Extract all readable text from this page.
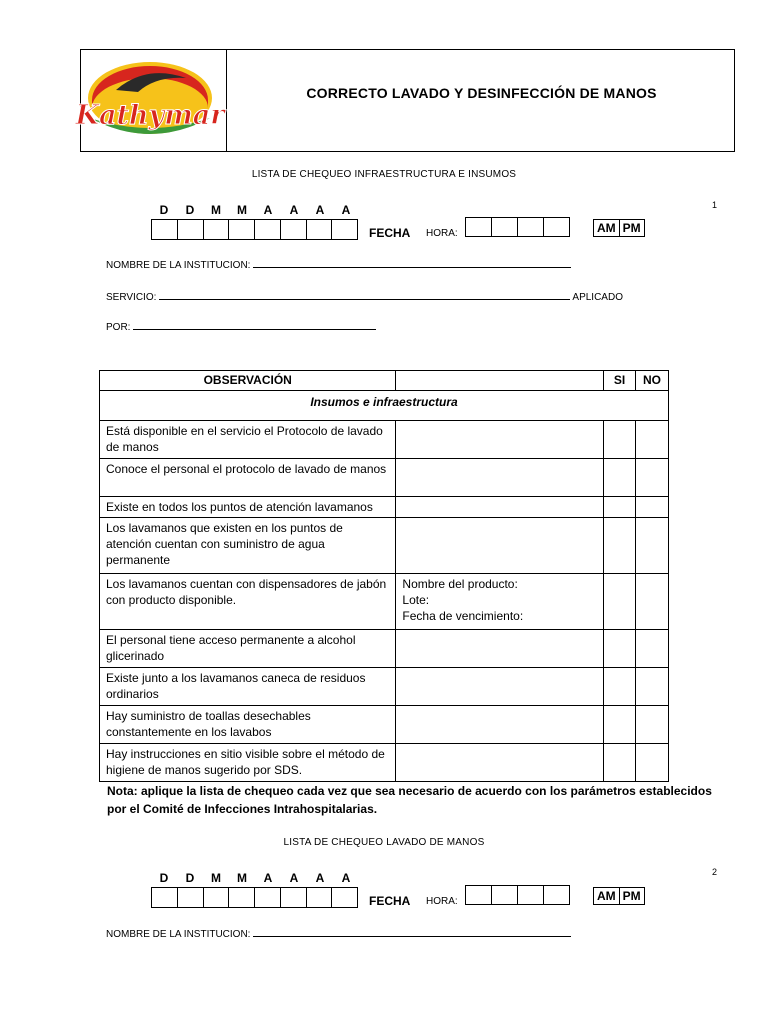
Kathymar
CORRECTO LAVADO Y DESINFECCIÓN DE MANOS
LISTA DE CHEQUEO INFRAESTRUCTURA E INSUMOS
1
D D M M A A A A
FECHA HORA:	AM PM
NOMBRE DE LA INSTITUCION:
SERVICIO:	APLICADO
POR:
OBSERVACIÓN		SI	NO
Insumos e infraestructura			
Está disponible en el servicio el Protocolo de lavado de manos			
Conoce el personal el protocolo de lavado de manos			
Existe en todos los puntos de atención lavamanos			
Los lavamanos que existen en los puntos de atención cuentan con suministro de agua permanente			
Los lavamanos cuentan con dispensadores de jabón con producto disponible.	Nombre del producto:
Lote:
Fecha de vencimiento:		
El personal tiene acceso permanente a alcohol glicerinado			
Existe junto a los lavamanos caneca de residuos ordinarios			
Hay suministro de toallas desechables constantemente en los lavabos			
Hay instrucciones en sitio visible sobre el método de higiene de manos sugerido por SDS.			
Nota: aplique la lista de chequeo cada vez que sea necesario de acuerdo con los parámetros establecidos por el Comité de Infecciones Intrahospitalarias.
LISTA DE CHEQUEO LAVADO DE MANOS
2
D D M M A A A A
FECHA HORA:	AM PM
NOMBRE DE LA INSTITUCION:
